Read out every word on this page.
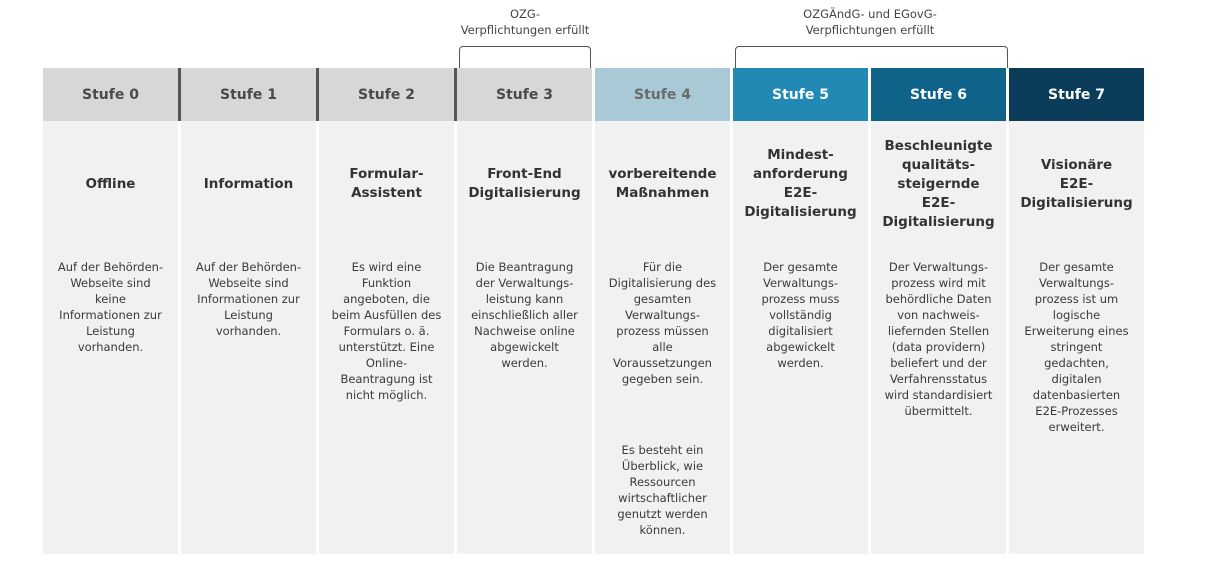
OZG-
Verpflichtungen erfüllt
OZGÄndG- und EGovG-
Verpflichtungen erfüllt
Stufe 0
Offline
Auf der Behörden-
Webseite sind
keine
Informationen zur
Leistung
vorhanden.
Stufe 1
Information
Auf der Behörden-
Webseite sind
Informationen zur
Leistung
vorhanden.
Stufe 2
Formular-
Assistent
Es wird eine
Funktion
angeboten, die
beim Ausfüllen des
Formulars o. ä.
unterstützt. Eine
Online-
Beantragung ist
nicht möglich.
Stufe 3
Front-End
Digitalisierung
Die Beantragung
der Verwaltungs-
leistung kann
einschließlich aller
Nachweise online
abgewickelt
werden.
Stufe 4
vorbereitende
Maßnahmen
Für die
Digitalisierung des
gesamten
Verwaltungs-
prozess müssen
alle
Voraussetzungen
gegeben sein.
Es besteht ein
Überblick, wie
Ressourcen
wirtschaftlicher
genutzt werden
können.
Stufe 5
Mindest-
anforderung
E2E-
Digitalisierung
Der gesamte
Verwaltungs-
prozess muss
vollständig
digitalisiert
abgewickelt
werden.
Stufe 6
Beschleunigte
qualitäts-
steigernde
E2E-
Digitalisierung
Der Verwaltungs-
prozess wird mit
behördliche Daten
von nachweis-
liefernden Stellen
(data providern)
beliefert und der
Verfahrensstatus
wird standardisiert
übermittelt.
Stufe 7
Visionäre
E2E-
Digitalisierung
Der gesamte
Verwaltungs-
prozess ist um
logische
Erweiterung eines
stringent
gedachten,
digitalen
datenbasierten
E2E-Prozesses
erweitert.
